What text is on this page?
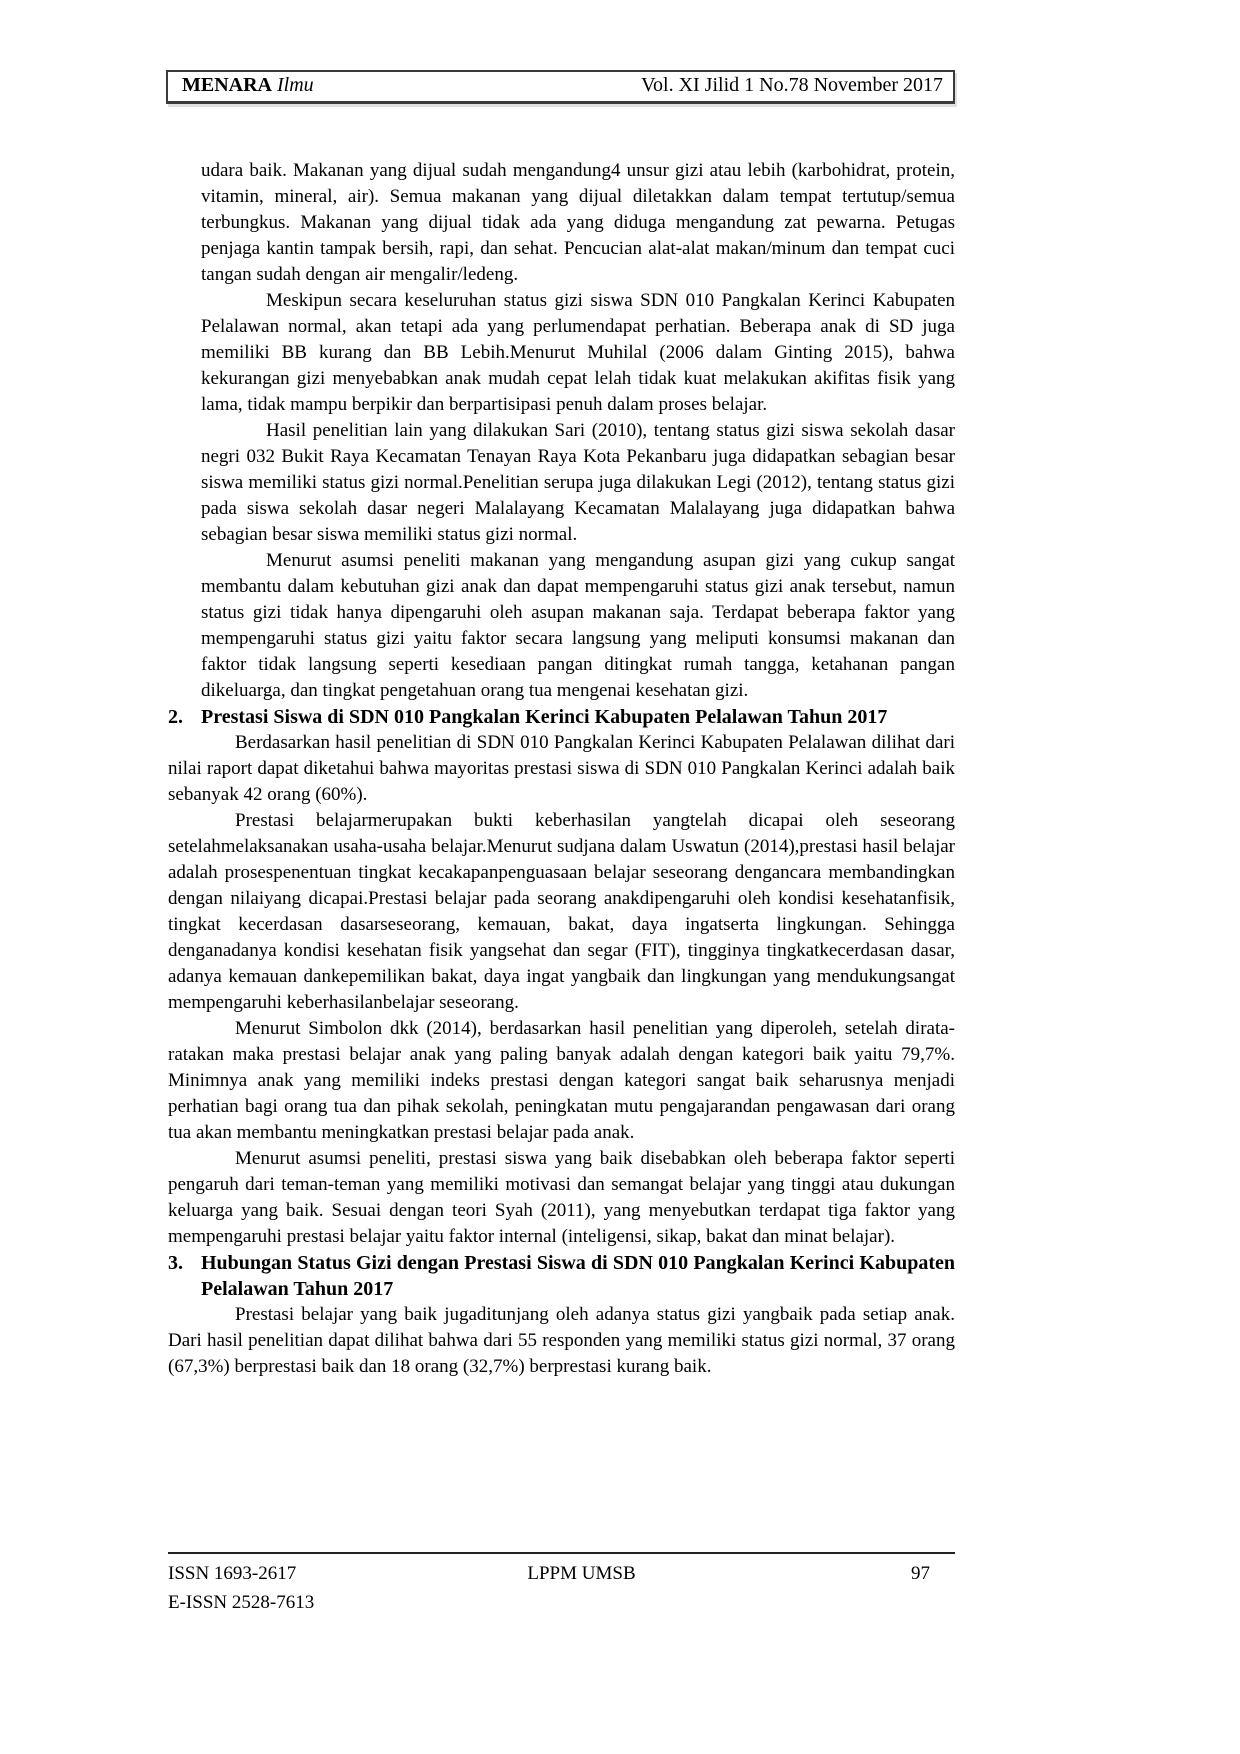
MENARA Ilmu	Vol. XI Jilid 1 No.78 November 2017

udara baik. Makanan yang dijual sudah mengandung4 unsur gizi atau lebih (karbohidrat, protein, vitamin, mineral, air). Semua makanan yang dijual diletakkan dalam tempat tertutup/semua terbungkus. Makanan yang dijual tidak ada yang diduga mengandung zat pewarna. Petugas penjaga kantin tampak bersih, rapi, dan sehat. Pencucian alat-alat makan/minum dan tempat cuci tangan sudah dengan air mengalir/ledeng.

Meskipun secara keseluruhan status gizi siswa SDN 010 Pangkalan Kerinci Kabupaten Pelalawan normal, akan tetapi ada yang perlumendapat perhatian. Beberapa anak di SD juga memiliki BB kurang dan BB Lebih.Menurut Muhilal (2006 dalam Ginting 2015), bahwa kekurangan gizi menyebabkan anak mudah cepat lelah tidak kuat melakukan akifitas fisik yang lama, tidak mampu berpikir dan berpartisipasi penuh dalam proses belajar.

Hasil penelitian lain yang dilakukan Sari (2010), tentang status gizi siswa sekolah dasar negri 032 Bukit Raya Kecamatan Tenayan Raya Kota Pekanbaru juga didapatkan sebagian besar siswa memiliki status gizi normal.Penelitian serupa juga dilakukan Legi (2012), tentang status gizi pada siswa sekolah dasar negeri Malalayang Kecamatan Malalayang juga didapatkan bahwa sebagian besar siswa memiliki status gizi normal.

Menurut asumsi peneliti makanan yang mengandung asupan gizi yang cukup sangat membantu dalam kebutuhan gizi anak dan dapat mempengaruhi status gizi anak tersebut, namun status gizi tidak hanya dipengaruhi oleh asupan makanan saja. Terdapat beberapa faktor yang mempengaruhi status gizi yaitu faktor secara langsung yang meliputi konsumsi makanan dan faktor tidak langsung seperti kesediaan pangan ditingkat rumah tangga, ketahanan pangan dikeluarga, dan tingkat pengetahuan orang tua mengenai kesehatan gizi.

2. Prestasi Siswa di SDN 010 Pangkalan Kerinci Kabupaten Pelalawan Tahun 2017

Berdasarkan hasil penelitian di SDN 010 Pangkalan Kerinci Kabupaten Pelalawan dilihat dari nilai raport dapat diketahui bahwa mayoritas prestasi siswa di SDN 010 Pangkalan Kerinci adalah baik sebanyak 42 orang (60%).

Prestasi belajarmerupakan bukti keberhasilan yangtelah dicapai oleh seseorang setelahmelaksanakan usaha-usaha belajar.Menurut sudjana dalam Uswatun (2014),prestasi hasil belajar adalah prosespenentuan tingkat kecakapanpenguasaan belajar seseorang dengancara membandingkan dengan nilaiyang dicapai.Prestasi belajar pada seorang anakdipengaruhi oleh kondisi kesehatanfisik, tingkat kecerdasan dasarseseorang, kemauan, bakat, daya ingatserta lingkungan. Sehingga denganadanya kondisi kesehatan fisik yangsehat dan segar (FIT), tingginya tingkatkecerdasan dasar, adanya kemauan dankepemilikan bakat, daya ingat yangbaik dan lingkungan yang mendukungsangat mempengaruhi keberhasilanbelajar seseorang.

Menurut Simbolon dkk (2014), berdasarkan hasil penelitian yang diperoleh, setelah dirata-ratakan maka prestasi belajar anak yang paling banyak adalah dengan kategori baik yaitu 79,7%. Minimnya anak yang memiliki indeks prestasi dengan kategori sangat baik seharusnya menjadi perhatian bagi orang tua dan pihak sekolah, peningkatan mutu pengajarandan pengawasan dari orang tua akan membantu meningkatkan prestasi belajar pada anak.

Menurut asumsi peneliti, prestasi siswa yang baik disebabkan oleh beberapa faktor seperti pengaruh dari teman-teman yang memiliki motivasi dan semangat belajar yang tinggi atau dukungan keluarga yang baik. Sesuai dengan teori Syah (2011), yang menyebutkan terdapat tiga faktor yang mempengaruhi prestasi belajar yaitu faktor internal (inteligensi, sikap, bakat dan minat belajar).

3. Hubungan Status Gizi dengan Prestasi Siswa di SDN 010 Pangkalan Kerinci Kabupaten Pelalawan Tahun 2017

Prestasi belajar yang baik jugaditunjang oleh adanya status gizi yangbaik pada setiap anak. Dari hasil penelitian dapat dilihat bahwa dari 55 responden yang memiliki status gizi normal, 37 orang (67,3%) berprestasi baik dan 18 orang (32,7%) berprestasi kurang baik.

ISSN 1693-2617	LPPM UMSB	97
E-ISSN 2528-7613
